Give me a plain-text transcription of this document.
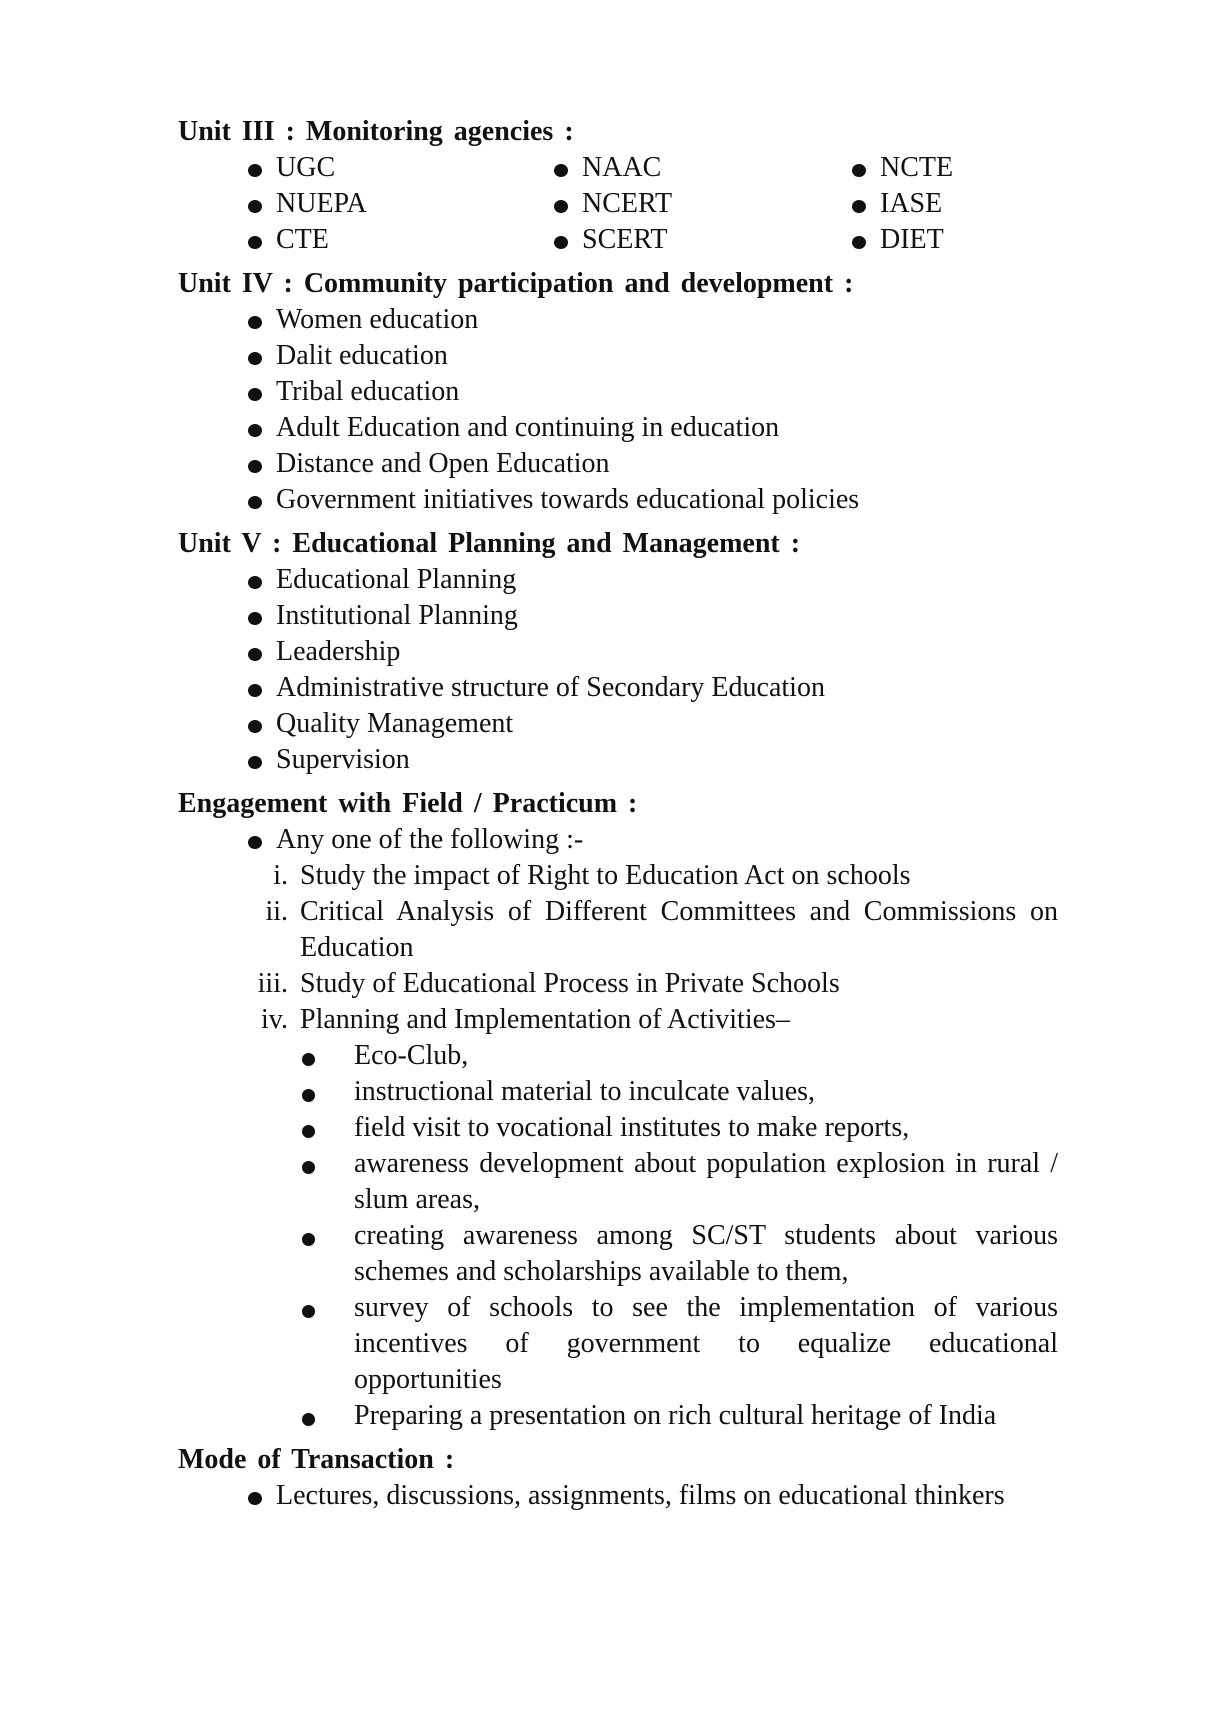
Unit III : Monitoring agencies :

UGC	NAAC	NCTE
NUEPA	NCERT	IASE
CTE	SCERT	DIET

Unit IV : Community participation and development :

Women education
Dalit education
Tribal education
Adult Education and continuing in education
Distance and Open Education
Government initiatives towards educational policies

Unit V : Educational Planning and Management :

Educational Planning
Institutional Planning
Leadership
Administrative structure of Secondary Education
Quality Management
Supervision

Engagement with Field / Practicum :

Any one of the following :-
i. Study the impact of Right to Education Act on schools
ii. Critical Analysis of Different Committees and Commissions on Education
iii. Study of Educational Process in Private Schools
iv. Planning and Implementation of Activities–
Eco-Club,
instructional material to inculcate values,
field visit to vocational institutes to make reports,
awareness development about population explosion in rural / slum areas,
creating awareness among SC/ST students about various schemes and scholarships available to them,
survey of schools to see the implementation of various incentives of government to equalize educational opportunities
Preparing a presentation on rich cultural heritage of India

Mode of Transaction :

Lectures, discussions, assignments, films on educational thinkers
